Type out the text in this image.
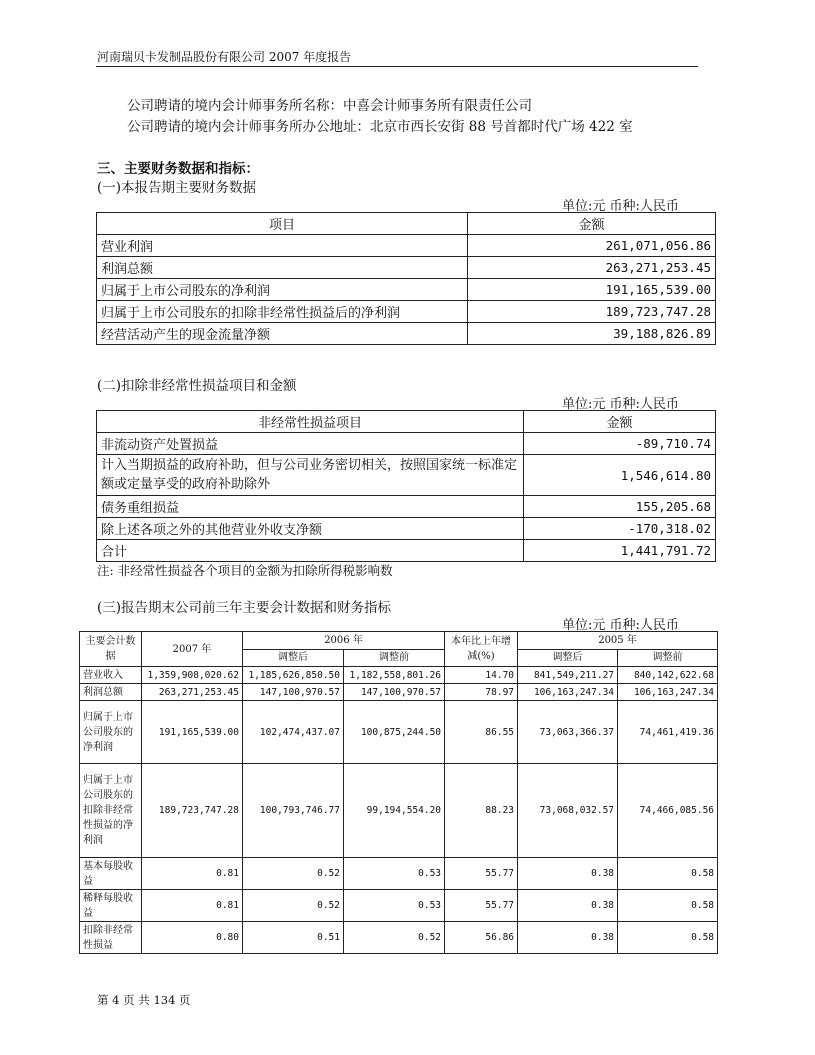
河南瑞贝卡发制品股份有限公司 2007 年度报告
公司聘请的境内会计师事务所名称：中喜会计师事务所有限责任公司
公司聘请的境内会计师事务所办公地址：北京市西长安街 88 号首都时代广场 422 室
三、主要财务数据和指标：
(一)本报告期主要财务数据
单位:元 币种:人民币
项目	金额
营业利润	261,071,056.86
利润总额	263,271,253.45
归属于上市公司股东的净利润	191,165,539.00
归属于上市公司股东的扣除非经常性损益后的净利润	189,723,747.28
经营活动产生的现金流量净额	39,188,826.89
(二)扣除非经常性损益项目和金额
单位:元 币种:人民币
非经常性损益项目	金额
非流动资产处置损益	-89,710.74
计入当期损益的政府补助，但与公司业务密切相关，按照国家统一标准定额或定量享受的政府补助除外	1,546,614.80
债务重组损益	155,205.68
除上述各项之外的其他营业外收支净额	-170,318.02
合计	1,441,791.72
注: 非经常性损益各个项目的金额为扣除所得税影响数
(三)报告期末公司前三年主要会计数据和财务指标
单位:元 币种:人民币
主要会计数据	2007 年	2006 年		本年比上年增减(%)	2005 年	
		调整后	调整前		调整后	调整前
营业收入	1,359,908,020.62	1,185,626,850.50	1,182,558,801.26	14.70	841,549,211.27	840,142,622.68
利润总额	263,271,253.45	147,100,970.57	147,100,970.57	78.97	106,163,247.34	106,163,247.34
归属于上市公司股东的净利润	191,165,539.00	102,474,437.07	100,875,244.50	86.55	73,063,366.37	74,461,419.36
归属于上市公司股东的扣除非经常性损益的净利润	189,723,747.28	100,793,746.77	99,194,554.20	88.23	73,068,032.57	74,466,085.56
基本每股收益	0.81	0.52	0.53	55.77	0.38	0.58
稀释每股收益	0.81	0.52	0.53	55.77	0.38	0.58
扣除非经常性损益	0.80	0.51	0.52	56.86	0.38	0.58
第 4 页 共 134 页
